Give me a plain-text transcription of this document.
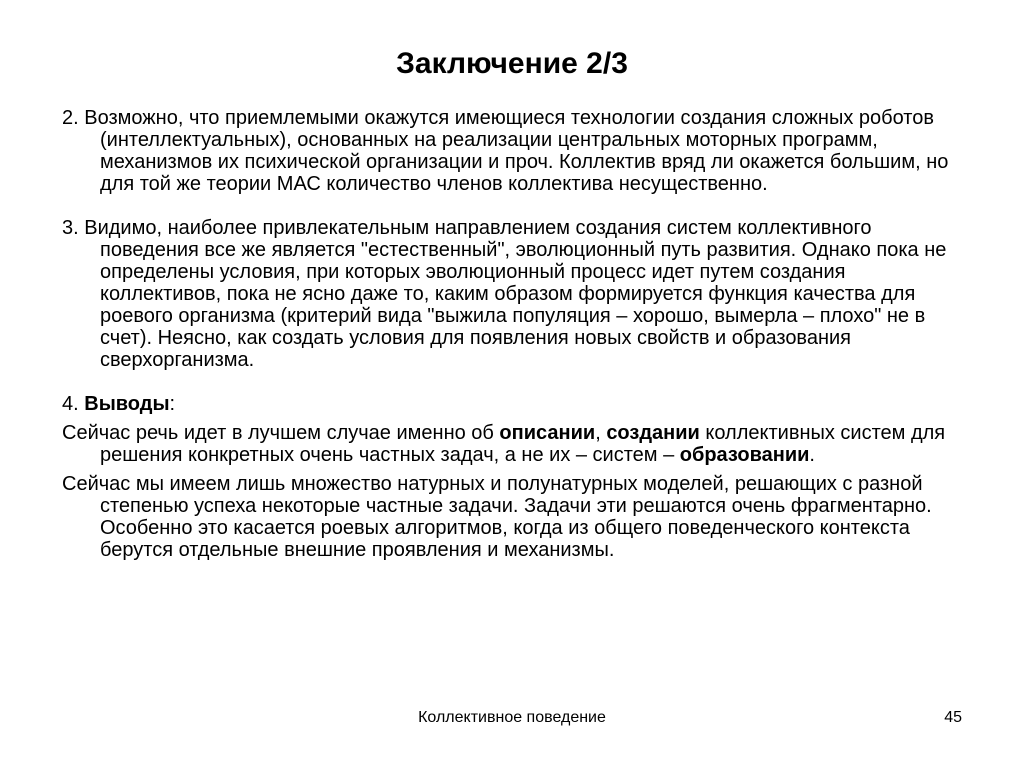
Заключение 2/3

2. Возможно, что приемлемыми окажутся имеющиеся технологии создания сложных роботов (интеллектуальных), основанных на реализации центральных моторных программ, механизмов их психической организации и проч. Коллектив вряд ли окажется большим, но для той же теории МАС количество членов коллектива несущественно.

3. Видимо, наиболее привлекательным направлением создания систем коллективного поведения все же является "естественный", эволюционный путь развития. Однако пока не определены условия, при которых эволюционный процесс идет путем создания коллективов, пока не ясно даже то, каким образом формируется функция качества для роевого организма (критерий вида "выжила популяция – хорошо, вымерла – плохо" не в счет). Неясно, как создать условия для появления новых свойств и образования сверхорганизма.

4. Выводы:

Сейчас речь идет в лучшем случае именно об описании, создании коллективных систем для решения конкретных очень частных задач, а не их – систем – образовании.

Сейчас мы имеем лишь множество натурных и полунатурных моделей, решающих с разной степенью успеха некоторые частные задачи. Задачи эти решаются очень фрагментарно. Особенно это касается роевых алгоритмов, когда из общего поведенческого контекста берутся отдельные внешние проявления и механизмы.

Коллективное поведение	45
